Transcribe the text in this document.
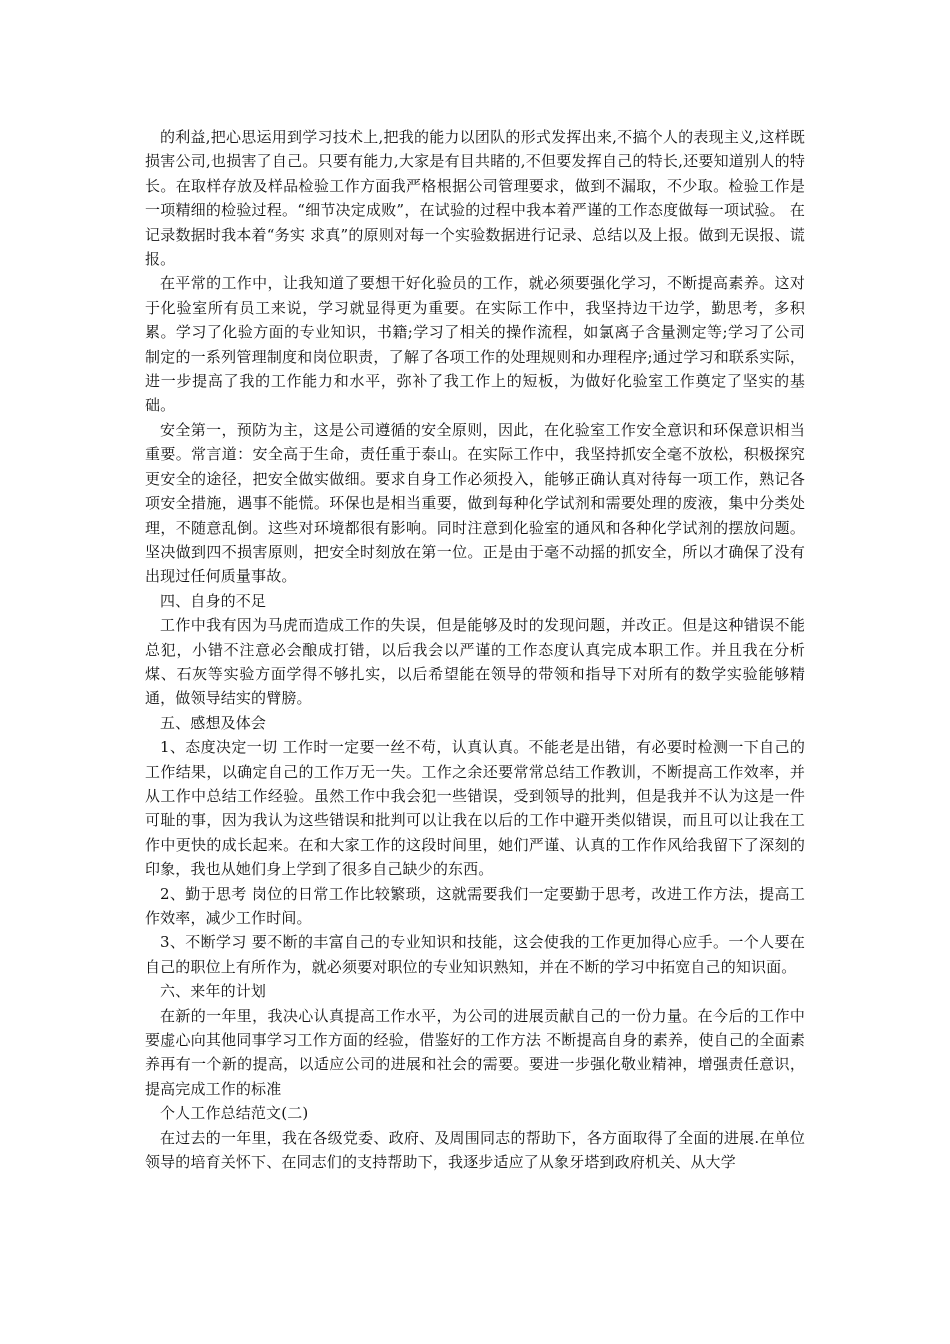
的利益,把心思运用到学习技术上,把我的能力以团队的形式发挥出来,不搞个人的表现主义,这样既损害公司,也损害了自己。只要有能力,大家是有目共睹的,不但要发挥自己的特长,还要知道别人的特长。在取样存放及样品检验工作方面我严格根据公司管理要求，做到不漏取，不少取。检验工作是一项精细的检验过程。“细节决定成败”，在试验的过程中我本着严谨的工作态度做每一项试验。 在记录数据时我本着“务实 求真”的原则对每一个实验数据进行记录、总结以及上报。做到无误报、谎报。

在平常的工作中，让我知道了要想干好化验员的工作，就必须要强化学习，不断提高素养。这对于化验室所有员工来说，学习就显得更为重要。在实际工作中，我坚持边干边学，勤思考，多积累。学习了化验方面的专业知识，书籍;学习了相关的操作流程，如氯离子含量测定等;学习了公司制定的一系列管理制度和岗位职责，了解了各项工作的处理规则和办理程序;通过学习和联系实际，进一步提高了我的工作能力和水平，弥补了我工作上的短板，为做好化验室工作奠定了坚实的基础。

安全第一，预防为主，这是公司遵循的安全原则，因此，在化验室工作安全意识和环保意识相当重要。常言道：安全高于生命，责任重于泰山。在实际工作中，我坚持抓安全毫不放松，积极探究更安全的途径，把安全做实做细。要求自身工作必须投入，能够正确认真对待每一项工作，熟记各项安全措施，遇事不能慌。环保也是相当重要，做到每种化学试剂和需要处理的废液，集中分类处理，不随意乱倒。这些对环境都很有影响。同时注意到化验室的通风和各种化学试剂的摆放问题。坚决做到四不损害原则，把安全时刻放在第一位。正是由于毫不动摇的抓安全，所以才确保了没有出现过任何质量事故。

四、自身的不足

工作中我有因为马虎而造成工作的失误，但是能够及时的发现问题，并改正。但是这种错误不能总犯，小错不注意必会酿成打错，以后我会以严谨的工作态度认真完成本职工作。并且我在分析煤、石灰等实验方面学得不够扎实，以后希望能在领导的带领和指导下对所有的数学实验能够精通，做领导结实的臂膀。

五、感想及体会

1、态度决定一切 工作时一定要一丝不苟，认真认真。不能老是出错，有必要时检测一下自己的工作结果，以确定自己的工作万无一失。工作之余还要常常总结工作教训，不断提高工作效率，并从工作中总结工作经验。虽然工作中我会犯一些错误，受到领导的批判，但是我并不认为这是一件可耻的事，因为我认为这些错误和批判可以让我在以后的工作中避开类似错误，而且可以让我在工作中更快的成长起来。在和大家工作的这段时间里，她们严谨、认真的工作作风给我留下了深刻的印象，我也从她们身上学到了很多自己缺少的东西。

2、勤于思考 岗位的日常工作比较繁琐，这就需要我们一定要勤于思考，改进工作方法，提高工作效率，减少工作时间。

3、不断学习 要不断的丰富自己的专业知识和技能，这会使我的工作更加得心应手。一个人要在自己的职位上有所作为，就必须要对职位的专业知识熟知，并在不断的学习中拓宽自己的知识面。

六、来年的计划

在新的一年里，我决心认真提高工作水平，为公司的进展贡献自己的一份力量。在今后的工作中要虚心向其他同事学习工作方面的经验，借鉴好的工作方法 不断提高自身的素养，使自己的全面素养再有一个新的提高，以适应公司的进展和社会的需要。要进一步强化敬业精神，增强责任意识，提高完成工作的标准

个人工作总结范文(二)

在过去的一年里，我在各级党委、政府、及周围同志的帮助下，各方面取得了全面的进展.在单位领导的培育关怀下、在同志们的支持帮助下，我逐步适应了从象牙塔到政府机关、从大学
